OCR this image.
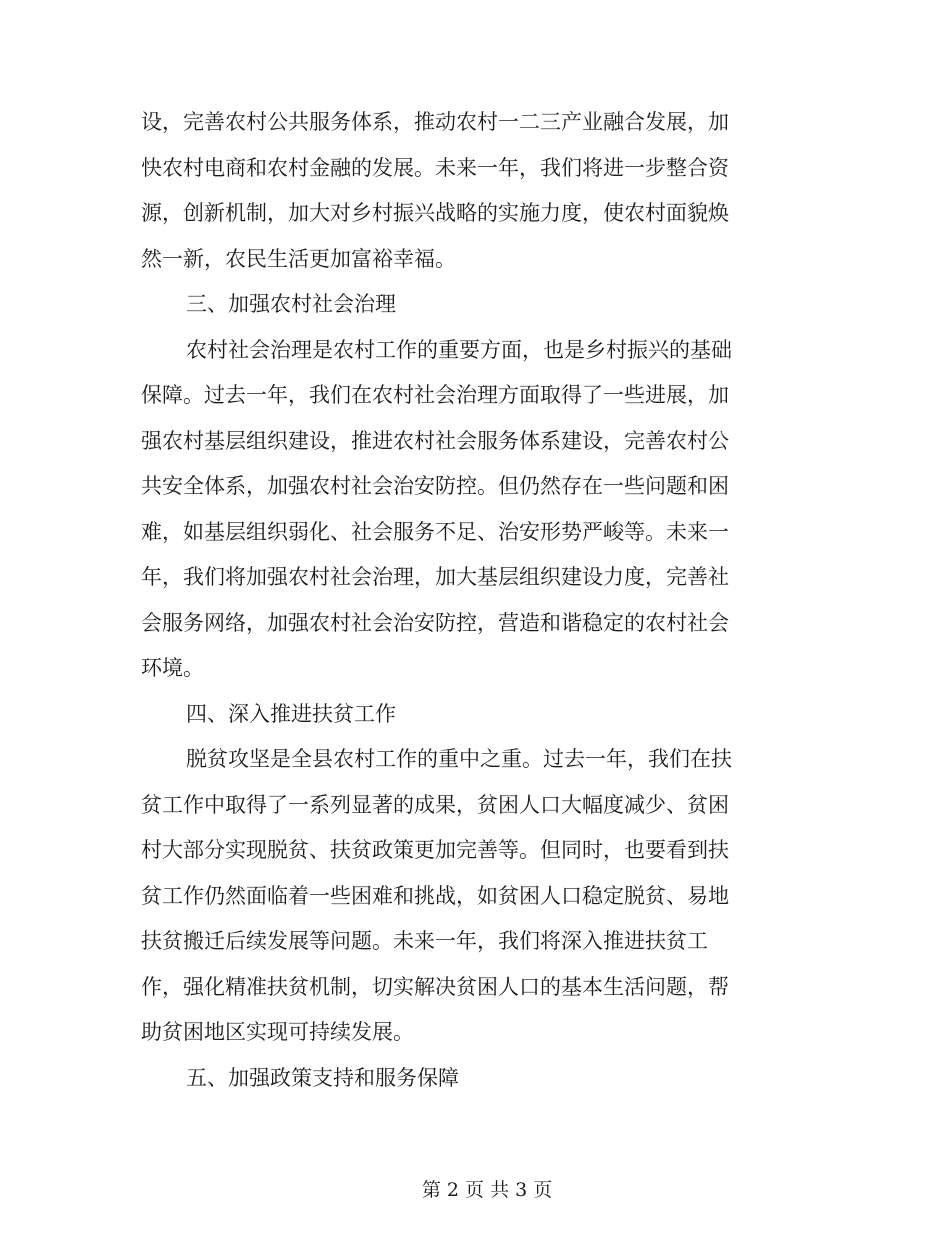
设，完善农村公共服务体系，推动农村一二三产业融合发展，加
快农村电商和农村金融的发展。未来一年，我们将进一步整合资
源，创新机制，加大对乡村振兴战略的实施力度，使农村面貌焕
然一新，农民生活更加富裕幸福。
三、加强农村社会治理
农村社会治理是农村工作的重要方面，也是乡村振兴的基础
保障。过去一年，我们在农村社会治理方面取得了一些进展，加
强农村基层组织建设，推进农村社会服务体系建设，完善农村公
共安全体系，加强农村社会治安防控。但仍然存在一些问题和困
难，如基层组织弱化、社会服务不足、治安形势严峻等。未来一
年，我们将加强农村社会治理，加大基层组织建设力度，完善社
会服务网络，加强农村社会治安防控，营造和谐稳定的农村社会
环境。
四、深入推进扶贫工作
脱贫攻坚是全县农村工作的重中之重。过去一年，我们在扶
贫工作中取得了一系列显著的成果，贫困人口大幅度减少、贫困
村大部分实现脱贫、扶贫政策更加完善等。但同时，也要看到扶
贫工作仍然面临着一些困难和挑战，如贫困人口稳定脱贫、易地
扶贫搬迁后续发展等问题。未来一年，我们将深入推进扶贫工
作，强化精准扶贫机制，切实解决贫困人口的基本生活问题，帮
助贫困地区实现可持续发展。
五、加强政策支持和服务保障

第 2 页 共 3 页
